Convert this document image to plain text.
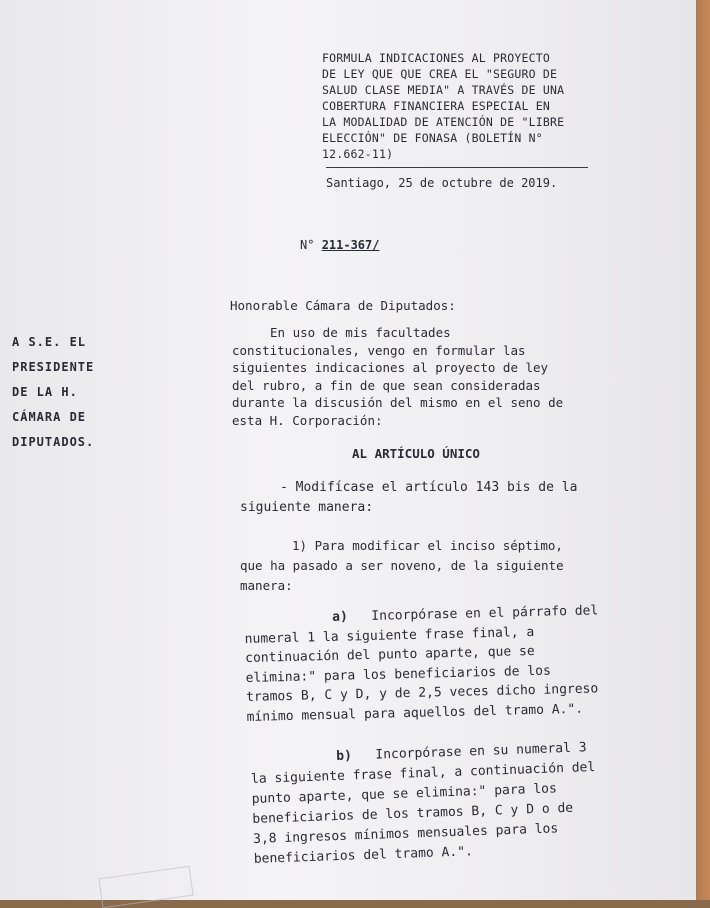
FORMULA INDICACIONES AL PROYECTO
DE LEY QUE QUE CREA EL "SEGURO DE
SALUD CLASE MEDIA" A TRAVÉS DE UNA
COBERTURA FINANCIERA ESPECIAL EN
LA MODALIDAD DE ATENCIÓN DE "LIBRE
ELECCIÓN" DE FONASA (BOLETÍN N°
12.662-11)
Santiago, 25 de octubre de 2019.
N° 211-367/
Honorable Cámara de Diputados:
A S.E. EL
PRESIDENTE
DE LA H.
CÁMARA DE
DIPUTADOS.
En uso de mis facultades
constitucionales, vengo en formular las
siguientes indicaciones al proyecto de ley
del rubro, a fin de que sean consideradas
durante la discusión del mismo en el seno de
esta H. Corporación:
AL ARTÍCULO ÚNICO
- Modifícase el artículo 143 bis de la
siguiente manera:
1) Para modificar el inciso séptimo,
que ha pasado a ser noveno, de la siguiente
manera:
a) Incorpórase en el párrafo del
numeral 1 la siguiente frase final, a
continuación del punto aparte, que se
elimina:" para los beneficiarios de los
tramos B, C y D, y de 2,5 veces dicho ingreso
mínimo mensual para aquellos del tramo A.".
b) Incorpórase en su numeral 3
la siguiente frase final, a continuación del
punto aparte, que se elimina:" para los
beneficiarios de los tramos B, C y D o de
3,8 ingresos mínimos mensuales para los
beneficiarios del tramo A.".
